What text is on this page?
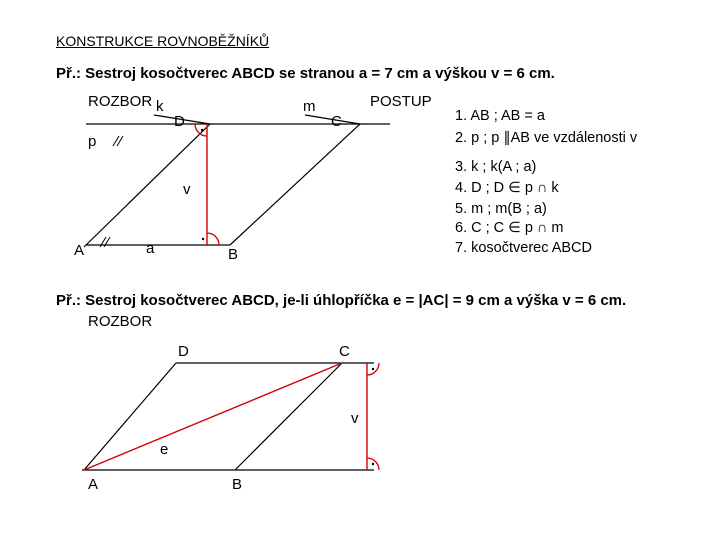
KONSTRUKCE ROVNOBĚŽNÍKŮ
Př.: Sestroj kosočtverec ABCD se stranou a = 7 cm a výškou v = 6 cm.
ROZBOR	POSTUP
k	m
D	C
p
v
A	a	B
1. AB ; AB = a
2. p ; p ∥AB ve vzdálenosti v
3. k ; k(A ; a)
4. D ; D ∈ p ∩ k
5. m ; m(B ; a)
6. C ; C ∈ p ∩ m
7. kosočtverec ABCD
Př.: Sestroj kosočtverec ABCD, je-li úhlopříčka e = |AC| = 9 cm a výška v = 6 cm.
ROZBOR
D	C
v
e
A	B
